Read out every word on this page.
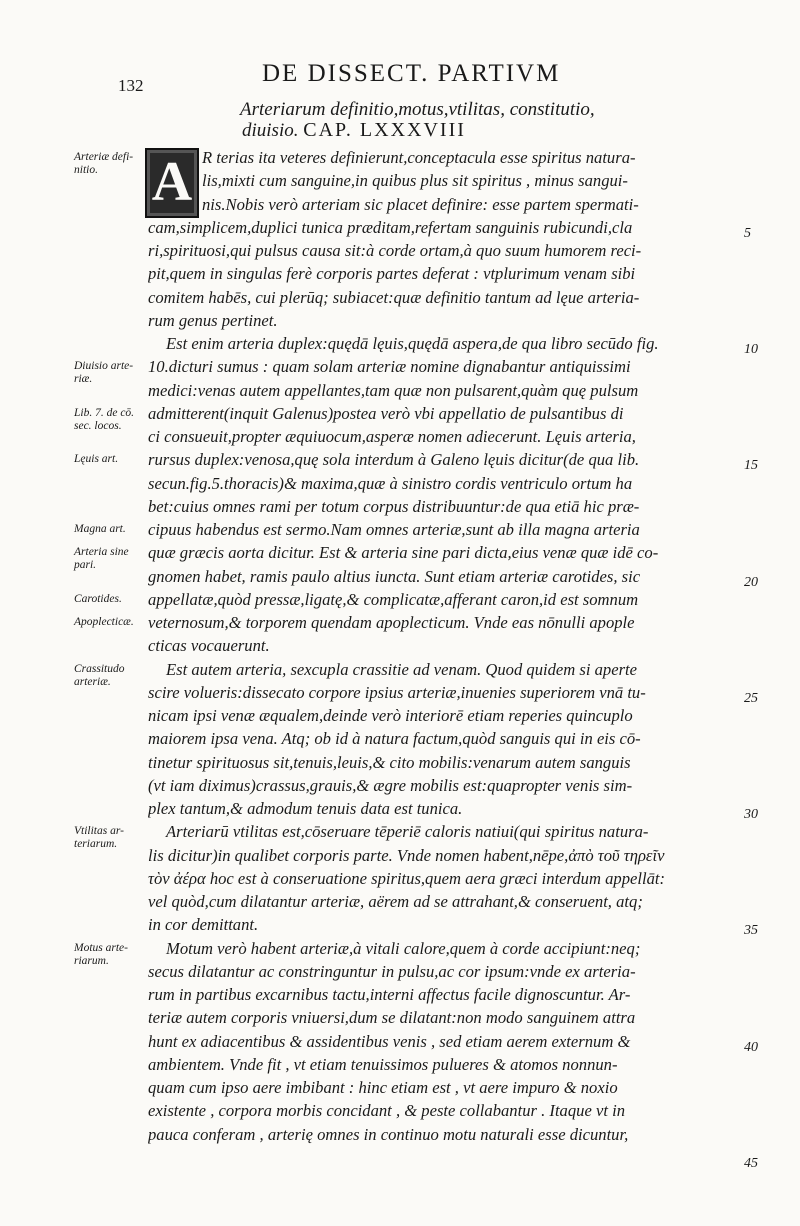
132	DE DISSECT. PARTIVM
Arteriarum definitio,motus,vtilitas, constitutio,
diuisio. CAP. LXXXVIII
R terias ita veteres definierunt,conceptacula esse spiritus natura-
lis,mixti cum sanguine,in quibus plus sit spiritus , minus sangui-
nis.Nobis verò arteriam sic placet definire: esse partem spermati-
cam,simplicem,duplici tunica præditam,refertam sanguinis rubicundi,cla
ri,spirituosi,qui pulsus causa sit:à corde ortam,à quo suum humorem reci-
pit,quem in singulas ferè corporis partes deferat : vtplurimum venam sibi
comitem habēs, cui plerūq; subiacet:quæ definitio tantum ad lęue arteria-
rum genus pertinet.
Est enim arteria duplex:quędā lęuis,quędā aspera,de qua libro secūdo fig.
10.dicturi sumus : quam solam arteriæ nomine dignabantur antiquissimi
medici:venas autem appellantes,tam quæ non pulsarent,quàm quę pulsum
admitterent(inquit Galenus)postea verò vbi appellatio de pulsantibus di
ci consueuit,propter æquiuocum,asperæ nomen adiecerunt. Lęuis arteria,
rursus duplex:venosa,quę sola interdum à Galeno lęuis dicitur(de qua lib.
secun.fig.5.thoracis)& maxima,quæ à sinistro cordis ventriculo ortum ha
bet:cuius omnes rami per totum corpus distribuuntur:de qua etiā hic præ-
cipuus habendus est sermo.Nam omnes arteriæ,sunt ab illa magna arteria
quæ græcis aorta dicitur. Est & arteria sine pari dicta,eius venæ quæ idē co-
gnomen habet, ramis paulo altius iuncta. Sunt etiam arteriæ carotides, sic
appellatæ,quòd pressæ,ligatę,& complicatæ,afferant caron,id est somnum
veternosum,& torporem quendam apoplecticum. Vnde eas nōnulli apople
cticas vocauerunt.
Est autem arteria, sexcupla crassitie ad venam. Quod quidem si aperte
scire volueris:dissecato corpore ipsius arteriæ,inuenies superiorem vnā tu-
nicam ipsi venæ æqualem,deinde verò interiorē etiam reperies quincuplo
maiorem ipsa vena. Atq; ob id à natura factum,quòd sanguis qui in eis cō-
tinetur spirituosus sit,tenuis,leuis,& cito mobilis:venarum autem sanguis
(vt iam diximus)crassus,grauis,& ægre mobilis est:quapropter venis sim-
plex tantum,& admodum tenuis data est tunica.
Arteriarū vtilitas est,cōseruare tēperiē caloris natiui(qui spiritus natura-
lis dicitur)in qualibet corporis parte. Vnde nomen habent,nēpe,ἀπὸ τοῦ τηρεῖν
τὸν ἀέρα hoc est à conseruatione spiritus,quem aera græci interdum appellāt:
vel quòd,cum dilatantur arteriæ, aërem ad se attrahant,& conseruent, atq;
in cor demittant.
Motum verò habent arteriæ,à vitali calore,quem à corde accipiunt:neq;
secus dilatantur ac constringuntur in pulsu,ac cor ipsum:vnde ex arteria-
rum in partibus excarnibus tactu,interni affectus facile dignoscuntur. Ar-
teriæ autem corporis vniuersi,dum se dilatant:non modo sanguinem attra
hunt ex adiacentibus & assidentibus venis , sed etiam aerem externum &
ambientem. Vnde fit , vt etiam tenuissimos pulueres & atomos nonnun-
quam cum ipso aere imbibant : hinc etiam est , vt aere impuro & noxio
existente , corpora morbis concidant , & peste collabantur . Itaque vt in
pauca conferam , arterię omnes in continuo motu naturali esse dicuntur,
A
Arteriæ defi-
nitio.
Diuisio arte-
riæ.
Lib. 7. de cō.
sec. locos.
Lęuis art.
Magna art.
Arteria sine
pari.
Carotides.
Apoplecticæ.
Crassitudo
arteriæ.
Vtilitas ar-
teriarum.
Motus arte-
riarum.
5
10
15
20
25
30
35
40
45
